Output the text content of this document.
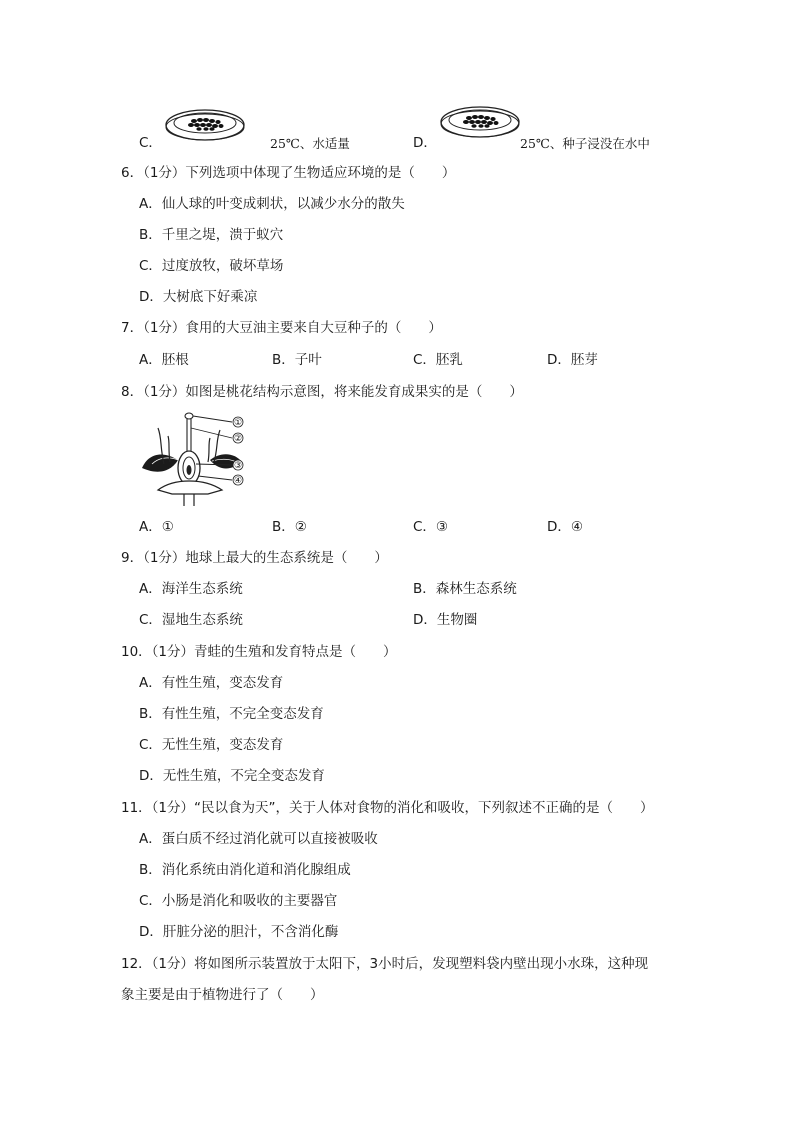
C．	25℃、水适量	D．	25℃、种子浸没在水中
6．（1分）下列选项中体现了生物适应环境的是（　　）
A．仙人球的叶变成刺状，以减少水分的散失
B．千里之堤，溃于蚁穴
C．过度放牧，破坏草场
D．大树底下好乘凉
7．（1分）食用的大豆油主要来自大豆种子的（　　）
A．胚根	B．子叶	C．胚乳	D．胚芽
8．（1分）如图是桃花结构示意图，将来能发育成果实的是（　　）
①
②
③
④
A．①	B．②	C．③	D．④
9．（1分）地球上最大的生态系统是（　　）
A．海洋生态系统	B．森林生态系统
C．湿地生态系统	D．生物圈
10．（1分）青蛙的生殖和发育特点是（　　）
A．有性生殖，变态发育
B．有性生殖，不完全变态发育
C．无性生殖，变态发育
D．无性生殖，不完全变态发育
11．（1分）“民以食为天”，关于人体对食物的消化和吸收，下列叙述不正确的是（　　）
A．蛋白质不经过消化就可以直接被吸收
B．消化系统由消化道和消化腺组成
C．小肠是消化和吸收的主要器官
D．肝脏分泌的胆汁，不含消化酶
12．（1分）将如图所示装置放于太阳下，3小时后，发现塑料袋内壁出现小水珠，这种现
象主要是由于植物进行了（　　）
